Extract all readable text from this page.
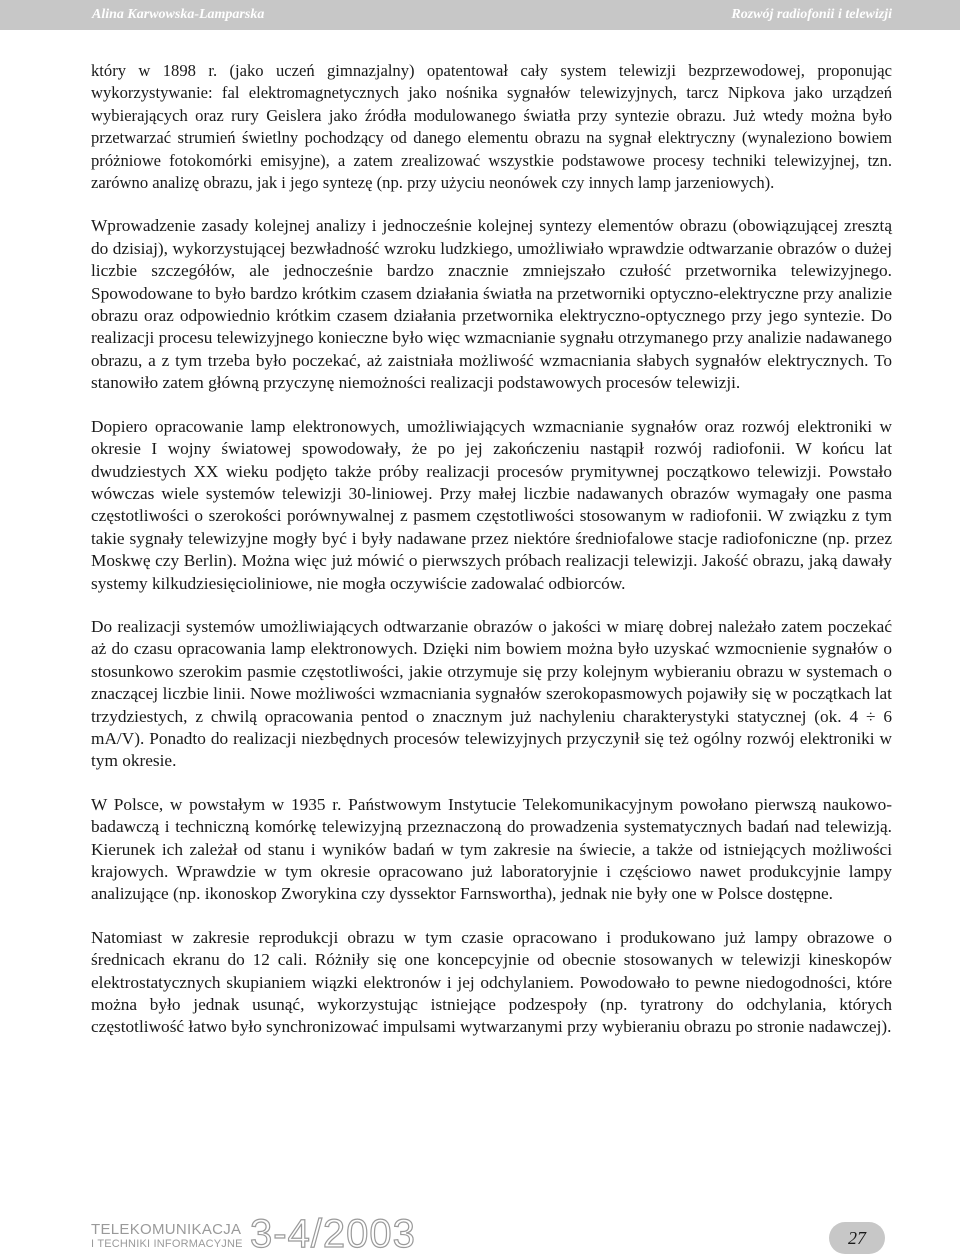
Alina Karwowska-Lamparska	Rozwój radiofonii i telewizji

który w 1898 r. (jako uczeń gimnazjalny) opatentował cały system telewizji bezprzewodowej, proponując wykorzystywanie: fal elektromagnetycznych jako nośnika sygnałów telewizyjnych, tarcz Nipkova jako urządzeń wybierających oraz rury Geislera jako źródła modulowanego światła przy syntezie obrazu. Już wtedy można było przetwarzać strumień świetlny pochodzący od danego elementu obrazu na sygnał elektryczny (wynaleziono bowiem próżniowe fotokomórki emisyjne), a zatem zrealizować wszystkie podstawowe procesy techniki telewizyjnej, tzn. zarówno analizę obrazu, jak i jego syntezę (np. przy użyciu neonówek czy innych lamp jarzeniowych).

Wprowadzenie zasady kolejnej analizy i jednocześnie kolejnej syntezy elementów obrazu (obowiązującej zresztą do dzisiaj), wykorzystującej bezwładność wzroku ludzkiego, umożliwiało wprawdzie odtwarzanie obrazów o dużej liczbie szczegółów, ale jednocześnie bardzo znacznie zmniejszało czułość przetwornika telewizyjnego. Spowodowane to było bardzo krótkim czasem działania światła na przetworniki optyczno-elektryczne przy analizie obrazu oraz odpowiednio krótkim czasem działania przetwornika elektryczno-optycznego przy jego syntezie. Do realizacji procesu telewizyjnego konieczne było więc wzmacnianie sygnału otrzymanego przy analizie nadawanego obrazu, a z tym trzeba było poczekać, aż zaistniała możliwość wzmacniania słabych sygnałów elektrycznych. To stanowiło zatem główną przyczynę niemożności realizacji podstawowych procesów telewizji.

Dopiero opracowanie lamp elektronowych, umożliwiających wzmacnianie sygnałów oraz rozwój elektroniki w okresie I wojny światowej spowodowały, że po jej zakończeniu nastąpił rozwój radiofonii. W końcu lat dwudziestych XX wieku podjęto także próby realizacji procesów prymitywnej początkowo telewizji. Powstało wówczas wiele systemów telewizji 30-liniowej. Przy małej liczbie nadawanych obrazów wymagały one pasma częstotliwości o szerokości porównywalnej z pasmem częstotliwości stosowanym w radiofonii. W związku z tym takie sygnały telewizyjne mogły być i były nadawane przez niektóre średniofalowe stacje radiofoniczne (np. przez Moskwę czy Berlin). Można więc już mówić o pierwszych próbach realizacji telewizji. Jakość obrazu, jaką dawały systemy kilkudziesięcioliniowe, nie mogła oczywiście zadowalać odbiorców.

Do realizacji systemów umożliwiających odtwarzanie obrazów o jakości w miarę dobrej należało zatem poczekać aż do czasu opracowania lamp elektronowych. Dzięki nim bowiem można było uzyskać wzmocnienie sygnałów o stosunkowo szerokim pasmie częstotliwości, jakie otrzymuje się przy kolejnym wybieraniu obrazu w systemach o znaczącej liczbie linii. Nowe możliwości wzmacniania sygnałów szerokopasmowych pojawiły się w początkach lat trzydziestych, z chwilą opracowania pentod o znacznym już nachyleniu charakterystyki statycznej (ok. 4 ÷ 6 mA/V). Ponadto do realizacji niezbędnych procesów telewizyjnych przyczynił się też ogólny rozwój elektroniki w tym okresie.

W Polsce, w powstałym w 1935 r. Państwowym Instytucie Telekomunikacyjnym powołano pierwszą naukowo-badawczą i techniczną komórkę telewizyjną przeznaczoną do prowadzenia systematycznych badań nad telewizją. Kierunek ich zależał od stanu i wyników badań w tym zakresie na świecie, a także od istniejących możliwości krajowych. Wprawdzie w tym okresie opracowano już laboratoryjnie i częściowo nawet produkcyjnie lampy analizujące (np. ikonoskop Zworykina czy dyssektor Farnswortha), jednak nie były one w Polsce dostępne.

Natomiast w zakresie reprodukcji obrazu w tym czasie opracowano i produkowano już lampy obrazowe o średnicach ekranu do 12 cali. Różniły się one koncepcyjnie od obecnie stosowanych w telewizji kineskopów elektrostatycznych skupianiem wiązki elektronów i jej odchylaniem. Powodowało to pewne niedogodności, które można było jednak usunąć, wykorzystując istniejące podzespoły (np. tyratrony do odchylania, których częstotliwość łatwo było synchronizować impulsami wytwarzanymi przy wybieraniu obrazu po stronie nadawczej).

TELEKOMUNIKACJA
I TECHNIKI INFORMACYJNE 3-4/2003	27
